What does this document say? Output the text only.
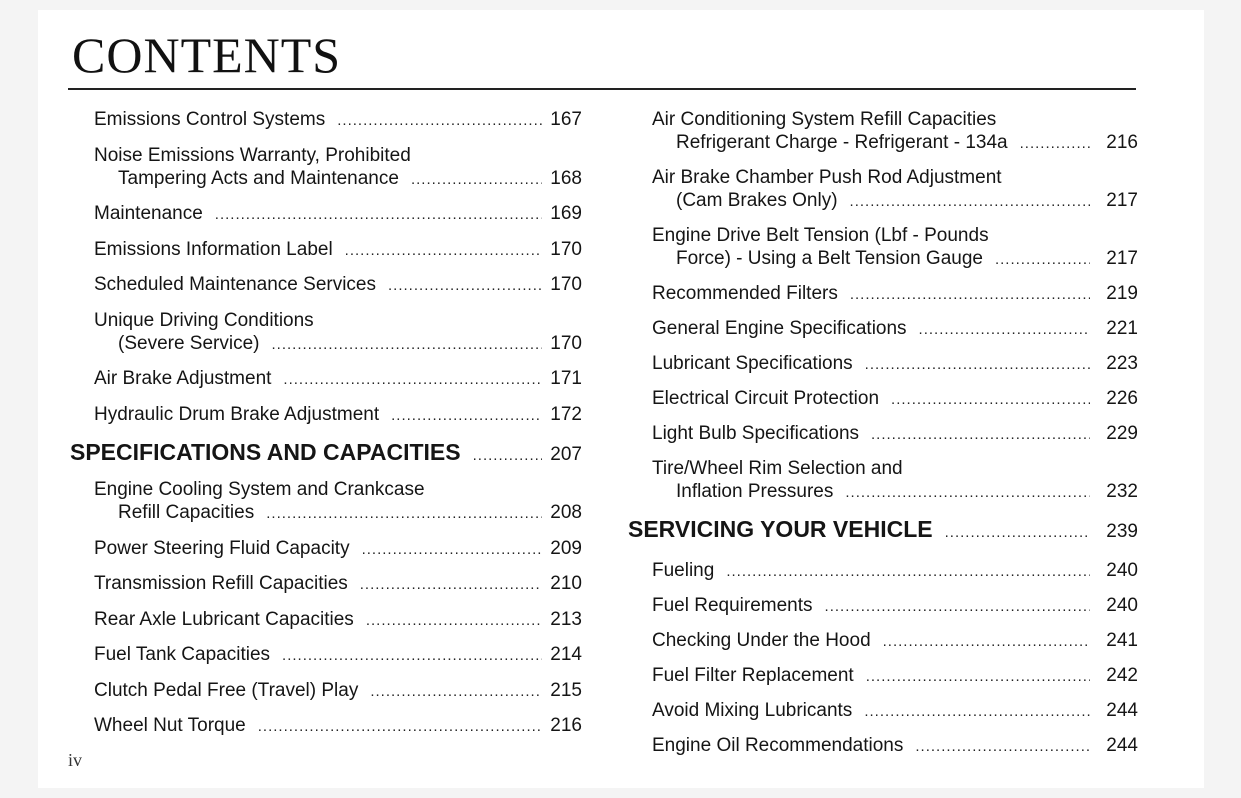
CONTENTS
Emissions Control Systems .....	167
Noise Emissions Warranty, Prohibited
Tampering Acts and Maintenance .....	168
Maintenance .....	169
Emissions Information Label .....	170
Scheduled Maintenance Services .....	170
Unique Driving Conditions
(Severe Service) .....	170
Air Brake Adjustment .....	171
Hydraulic Drum Brake Adjustment .....	172
SPECIFICATIONS AND CAPACITIES .....	207
Engine Cooling System and Crankcase
Refill Capacities .....	208
Power Steering Fluid Capacity .....	209
Transmission Refill Capacities .....	210
Rear Axle Lubricant Capacities .....	213
Fuel Tank Capacities .....	214
Clutch Pedal Free (Travel) Play .....	215
Wheel Nut Torque .....	216
Air Conditioning System Refill Capacities
Refrigerant Charge - Refrigerant - 134a .....	216
Air Brake Chamber Push Rod Adjustment
(Cam Brakes Only) .....	217
Engine Drive Belt Tension (Lbf - Pounds
Force) - Using a Belt Tension Gauge .....	217
Recommended Filters .....	219
General Engine Specifications .....	221
Lubricant Specifications .....	223
Electrical Circuit Protection .....	226
Light Bulb Specifications .....	229
Tire/Wheel Rim Selection and
Inflation Pressures .....	232
SERVICING YOUR VEHICLE .....	239
Fueling .....	240
Fuel Requirements .....	240
Checking Under the Hood .....	241
Fuel Filter Replacement .....	242
Avoid Mixing Lubricants .....	244
Engine Oil Recommendations .....	244
iv
